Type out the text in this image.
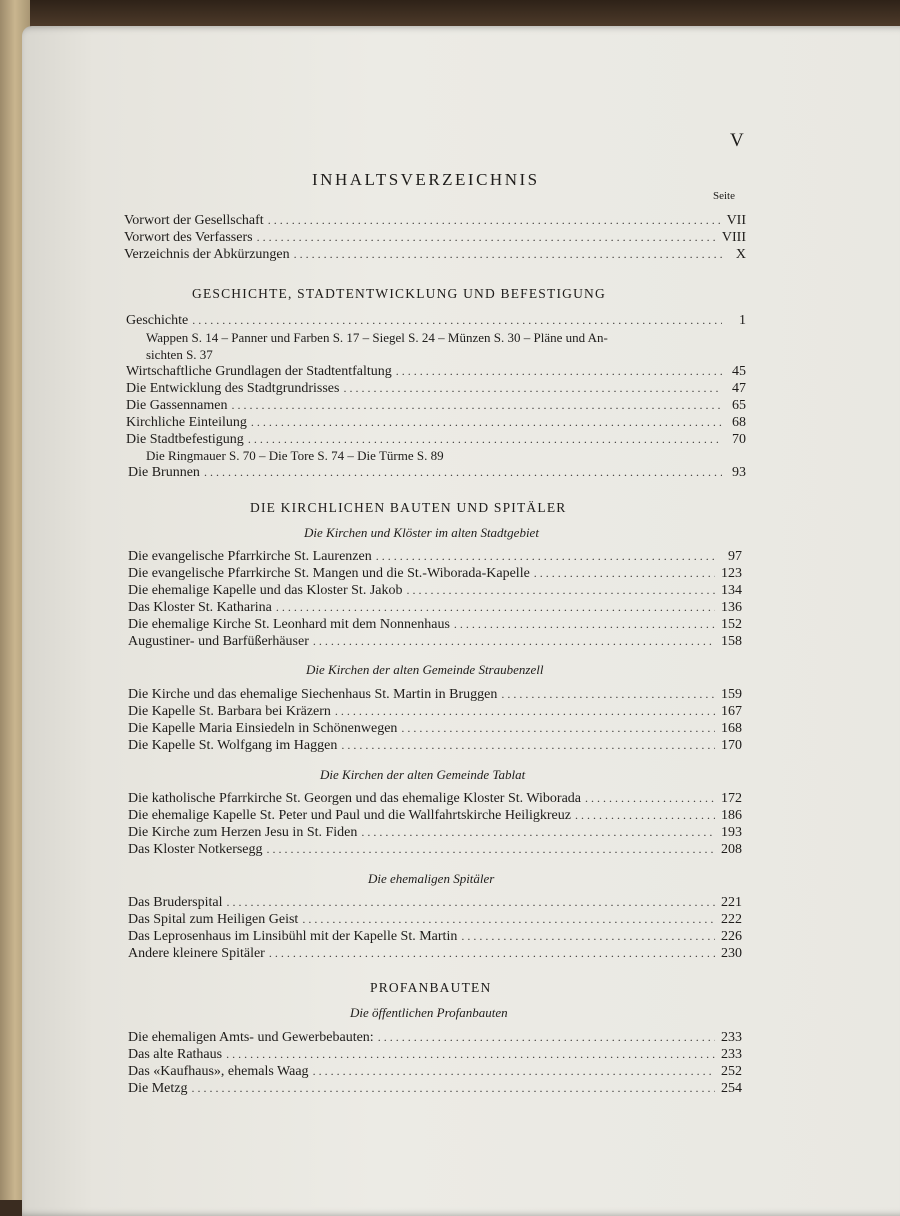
V
INHALTSVERZEICHNIS
Seite
Vorwort der Gesellschaft . . .	VII
Vorwort des Verfassers . . .	VIII
Verzeichnis der Abkürzungen . . .	X
GESCHICHTE, STADTENTWICKLUNG UND BEFESTIGUNG
Geschichte . . .	1
Wappen S. 14 – Panner und Farben S. 17 – Siegel S. 24 – Münzen S. 30 – Pläne und An-
sichten S. 37
Wirtschaftliche Grundlagen der Stadtentfaltung . . .	45
Die Entwicklung des Stadtgrundrisses . . .	47
Die Gassennamen . . .	65
Kirchliche Einteilung . . .	68
Die Stadtbefestigung . . .	70
Die Ringmauer S. 70 – Die Tore S. 74 – Die Türme S. 89
Die Brunnen . . .	93
DIE KIRCHLICHEN BAUTEN UND SPITÄLER
Die Kirchen und Klöster im alten Stadtgebiet
Die evangelische Pfarrkirche St. Laurenzen . . .	97
Die evangelische Pfarrkirche St. Mangen und die St.-Wiborada-Kapelle . . .	123
Die ehemalige Kapelle und das Kloster St. Jakob . . .	134
Das Kloster St. Katharina . . .	136
Die ehemalige Kirche St. Leonhard mit dem Nonnenhaus . . .	152
Augustiner- und Barfüßerhäuser . . .	158
Die Kirchen der alten Gemeinde Straubenzell
Die Kirche und das ehemalige Siechenhaus St. Martin in Bruggen . . .	159
Die Kapelle St. Barbara bei Kräzern . . .	167
Die Kapelle Maria Einsiedeln in Schönenwegen . . .	168
Die Kapelle St. Wolfgang im Haggen . . .	170
Die Kirchen der alten Gemeinde Tablat
Die katholische Pfarrkirche St. Georgen und das ehemalige Kloster St. Wiborada . . .	172
Die ehemalige Kapelle St. Peter und Paul und die Wallfahrtskirche Heiligkreuz . . .	186
Die Kirche zum Herzen Jesu in St. Fiden . . .	193
Das Kloster Notkersegg . . .	208
Die ehemaligen Spitäler
Das Bruderspital . . .	221
Das Spital zum Heiligen Geist . . .	222
Das Leprosenhaus im Linsibühl mit der Kapelle St. Martin . . .	226
Andere kleinere Spitäler . . .	230
PROFANBAUTEN
Die öffentlichen Profanbauten
Die ehemaligen Amts- und Gewerbebauten: . . .	233
Das alte Rathaus . . .	233
Das «Kaufhaus», ehemals Waag . . .	252
Die Metzg . . .	254
